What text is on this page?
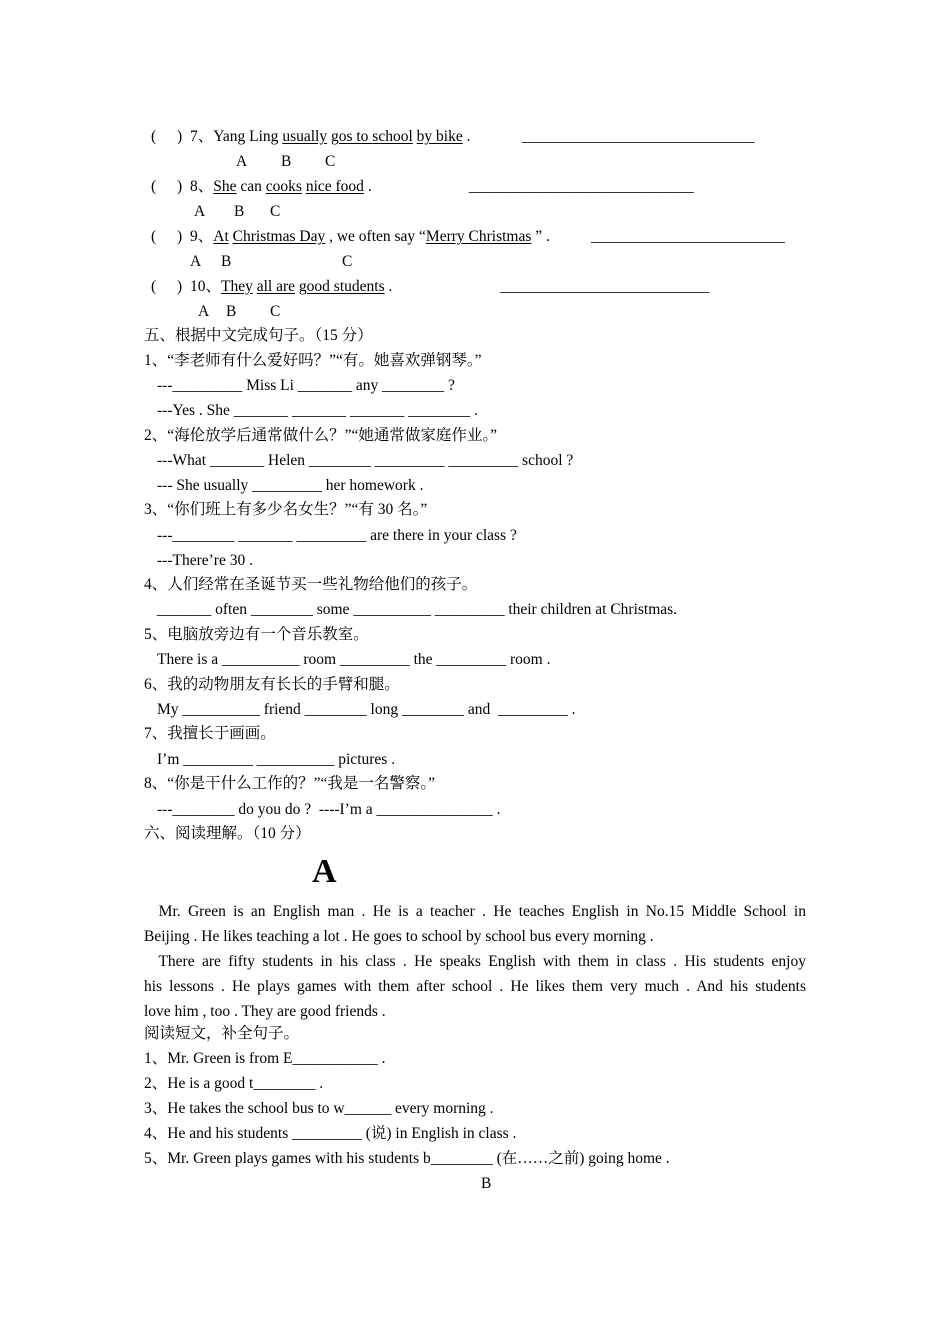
( ) 7、Yang Ling usually gos to school by bike .	______________________________
A B C
( ) 8、She can cooks nice food .	_____________________________
A B C
( ) 9、At Christmas Day , we often say “Merry Christmas ” .	_________________________
A B	C
( ) 10、They all are good students .	___________________________
A B C
五、根据中文完成句子。（15 分）
1、“李老师有什么爱好吗？”“有。她喜欢弹钢琴。”
---_________ Miss Li _______ any ________ ?
---Yes . She _______ _______ _______ ________ .
2、“海伦放学后通常做什么？”“她通常做家庭作业。”
---What _______ Helen ________ _________ _________ school ?
--- She usually _________ her homework .
3、“你们班上有多少名女生？”“有 30 名。”
---________ _______ _________ are there in your class ?
---There’re 30 .
4、人们经常在圣诞节买一些礼物给他们的孩子。
_______ often ________ some __________ _________ their children at Christmas.
5、电脑放旁边有一个音乐教室。
There is a __________ room _________ the _________ room .
6、我的动物朋友有长长的手臂和腿。
My __________ friend ________ long ________ and  _________ .
7、我擅长于画画。
I’m _________ __________ pictures .
8、“你是干什么工作的？”“我是一名警察。”
---________ do you do ?  ----I’m a _______________ .
六、阅读理解。（10 分）
A
Mr. Green is an English man . He is a teacher . He teaches English in No.15 Middle School in
Beijing . He likes teaching a lot . He goes to school by school bus every morning .
There are fifty students in his class . He speaks English with them in class . His students enjoy
his lessons . He plays games with them after school . He likes them very much . And his students
love him , too . They are good friends .
阅读短文，补全句子。
1、Mr. Green is from E___________ .
2、He is a good t________ .
3、He takes the school bus to w______ every morning .
4、He and his students _________ (说) in English in class .
5、Mr. Green plays games with his students b________ (在……之前) going home .
B
